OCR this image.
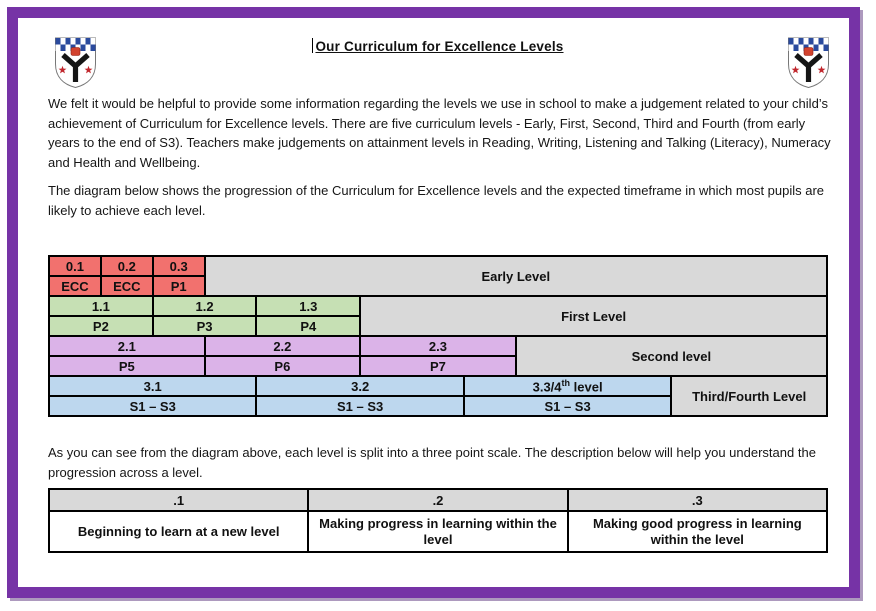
Our Curriculum for Excellence Levels

We felt it would be helpful to provide some information regarding the levels we use in school to make a judgement related to your child’s achievement of Curriculum for Excellence levels. There are five curriculum levels - Early, First, Second, Third and Fourth (from early years to the end of S3). Teachers make judgements on attainment levels in Reading, Writing, Listening and Talking (Literacy), Numeracy and Health and Wellbeing.

The diagram below shows the progression of the Curriculum for Excellence levels and the expected timeframe in which most pupils are likely to achieve each level.

0.1	0.2	0.3	Early Level					
ECC	ECC	P1						
1.1		1.2		1.3	First Level			
P2		P3		P4				
2.1			2.2		2.3		Second level	
P5			P6		P7			
3.1				3.2		3.3/4th level		Third/Fourth Level
S1 – S3				S1 – S3		S1 – S3		

As you can see from the diagram above, each level is split into a three point scale. The description below will help you understand the progression across a level.

.1	.2	.3
Beginning to learn at a new level	Making progress in learning within the level	Making good progress in learning within the level
